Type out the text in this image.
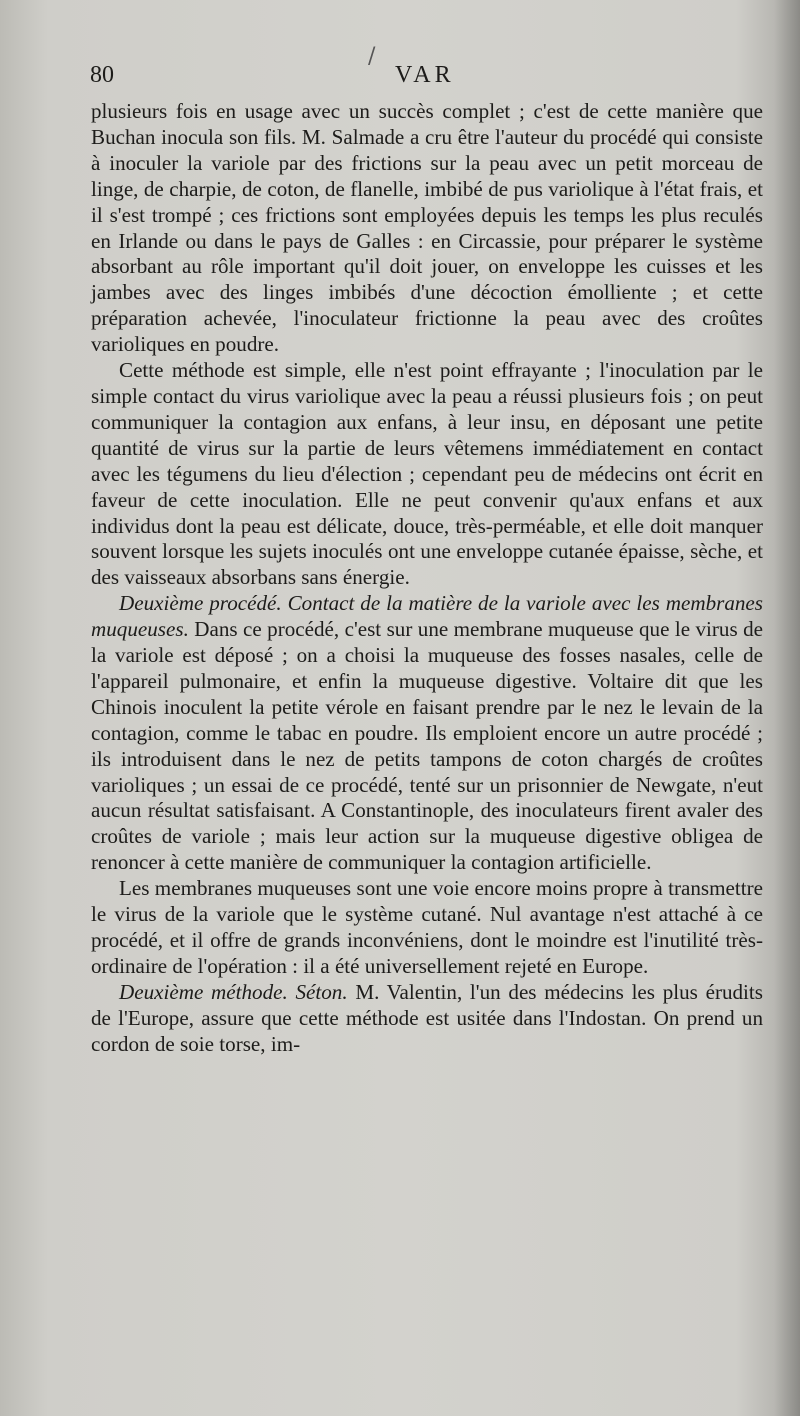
/
80	VAR

plusieurs fois en usage avec un succès complet ; c'est de cette manière que Buchan inocula son fils. M. Salmade a cru être l'auteur du procédé qui consiste à inoculer la variole par des frictions sur la peau avec un petit morceau de linge, de charpie, de coton, de flanelle, imbibé de pus variolique à l'état frais, et il s'est trompé ; ces frictions sont employées depuis les temps les plus reculés en Irlande ou dans le pays de Galles : en Circassie, pour préparer le système absorbant au rôle important qu'il doit jouer, on enveloppe les cuisses et les jambes avec des linges imbibés d'une décoction émolliente ; et cette préparation achevée, l'inoculateur frictionne la peau avec des croûtes varioliques en poudre.

Cette méthode est simple, elle n'est point effrayante ; l'inoculation par le simple contact du virus variolique avec la peau a réussi plusieurs fois ; on peut communiquer la contagion aux enfans, à leur insu, en déposant une petite quantité de virus sur la partie de leurs vêtemens immédiatement en contact avec les tégumens du lieu d'élection ; cependant peu de médecins ont écrit en faveur de cette inoculation. Elle ne peut convenir qu'aux enfans et aux individus dont la peau est délicate, douce, très-perméable, et elle doit manquer souvent lorsque les sujets inoculés ont une enveloppe cutanée épaisse, sèche, et des vaisseaux absorbans sans énergie.

Deuxième procédé. Contact de la matière de la variole avec les membranes muqueuses. Dans ce procédé, c'est sur une membrane muqueuse que le virus de la variole est déposé ; on a choisi la muqueuse des fosses nasales, celle de l'appareil pulmonaire, et enfin la muqueuse digestive. Voltaire dit que les Chinois inoculent la petite vérole en faisant prendre par le nez le levain de la contagion, comme le tabac en poudre. Ils emploient encore un autre procédé ; ils introduisent dans le nez de petits tampons de coton chargés de croûtes varioliques ; un essai de ce procédé, tenté sur un prisonnier de Newgate, n'eut aucun résultat satisfaisant. A Constantinople, des inoculateurs firent avaler des croûtes de variole ; mais leur action sur la muqueuse digestive obligea de renoncer à cette manière de communiquer la contagion artificielle.

Les membranes muqueuses sont une voie encore moins propre à transmettre le virus de la variole que le système cutané. Nul avantage n'est attaché à ce procédé, et il offre de grands inconvéniens, dont le moindre est l'inutilité très-ordinaire de l'opération : il a été universellement rejeté en Europe.

Deuxième méthode. Séton. M. Valentin, l'un des médecins les plus érudits de l'Europe, assure que cette méthode est usitée dans l'Indostan. On prend un cordon de soie torse, im-
